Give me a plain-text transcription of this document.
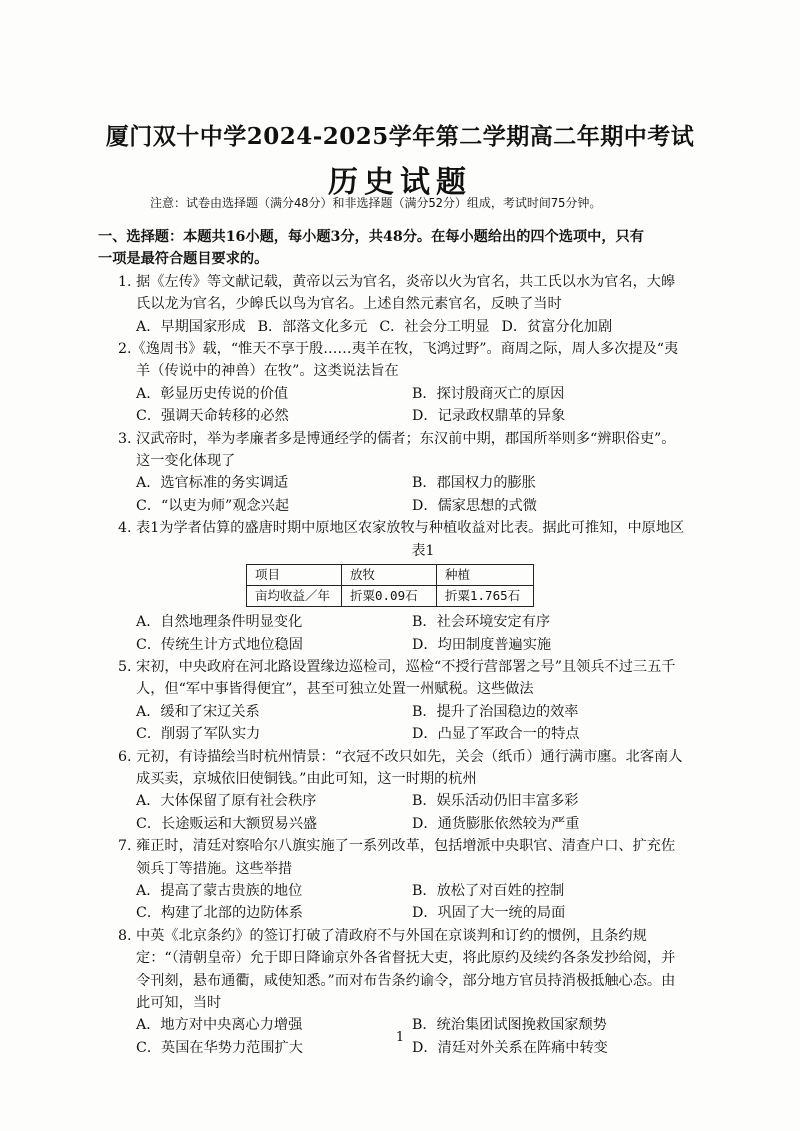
厦门双十中学2024-2025学年第二学期高二年期中考试
历史试题
注意：试卷由选择题（满分48分）和非选择题（满分52分）组成，考试时间75分钟。
一、选择题：本题共16小题，每小题3分，共48分。在每小题给出的四个选项中，只有
一项是最符合题目要求的。
1. 据《左传》等文献记载，黄帝以云为官名，炎帝以火为官名，共工氏以水为官名，大皞氏以龙为官名，少皞氏以鸟为官名。上述自然元素官名，反映了当时
A．早期国家形成 B．部落文化多元 C．社会分工明显 D．贫富分化加剧
2.《逸周书》载，“惟天不享于殷……夷羊在牧，飞鸿过野”。商周之际，周人多次提及“夷羊（传说中的神兽）在牧”。这类说法旨在
A．彰显历史传说的价值	B．探讨殷商灭亡的原因
C．强调天命转移的必然	D．记录政权鼎革的异象
3. 汉武帝时，举为孝廉者多是博通经学的儒者；东汉前中期，郡国所举则多“辨职俗吏”。这一变化体现了
A．选官标准的务实调适	B．郡国权力的膨胀
C．“以吏为师”观念兴起	D．儒家思想的式微
4. 表1为学者估算的盛唐时期中原地区农家放牧与种植收益对比表。据此可推知，中原地区
表1
项目	放牧	种植
亩均收益／年	折粟0.09石	折粟1.765石
A．自然地理条件明显变化	B．社会环境安定有序
C．传统生计方式地位稳固	D．均田制度普遍实施
5. 宋初，中央政府在河北路设置缘边巡检司，巡检“不授行营部署之号”且领兵不过三五千人，但“军中事皆得便宜”，甚至可独立处置一州赋税。这些做法
A．缓和了宋辽关系	B．提升了治国稳边的效率
C．削弱了军队实力	D．凸显了军政合一的特点
6. 元初，有诗描绘当时杭州情景：“衣冠不改只如先，关会（纸币）通行满市廛。北客南人成买卖，京城依旧使铜钱。”由此可知，这一时期的杭州
A．大体保留了原有社会秩序	B．娱乐活动仍旧丰富多彩
C．长途贩运和大额贸易兴盛	D．通货膨胀依然较为严重
7. 雍正时，清廷对察哈尔八旗实施了一系列改革，包括增派中央职官、清查户口、扩充佐领兵丁等措施。这些举措
A．提高了蒙古贵族的地位	B．放松了对百姓的控制
C．构建了北部的边防体系	D．巩固了大一统的局面
8. 中英《北京条约》的签订打破了清政府不与外国在京谈判和订约的惯例，且条约规定：“（清朝皇帝）允于即日降谕京外各省督抚大吏，将此原约及续约各条发抄给阅，并令刊刻，悬布通衢，咸使知悉。”而对布告条约谕令，部分地方官员持消极抵触心态。由此可知，当时
A．地方对中央离心力增强	B．统治集团试图挽救国家颓势
C．英国在华势力范围扩大	D．清廷对外关系在阵痛中转变
1
